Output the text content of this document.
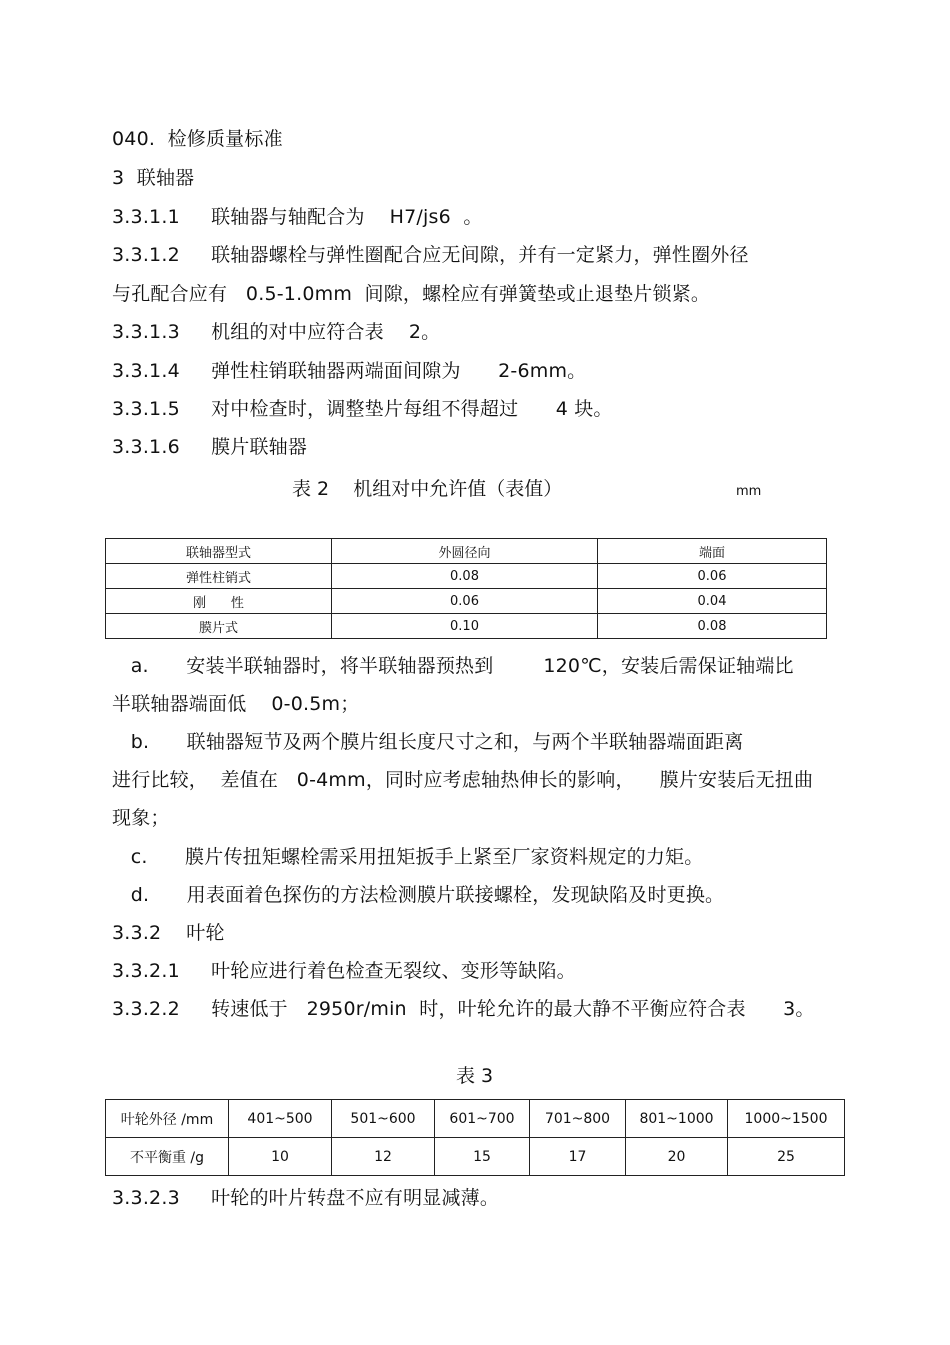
040.  检修质量标准

3  联轴器

3.3.1.1     联轴器与轴配合为    H7/js6  。

3.3.1.2     联轴器螺栓与弹性圈配合应无间隙，并有一定紧力，弹性圈外径

与孔配合应有   0.5-1.0mm  间隙，螺栓应有弹簧垫或止退垫片锁紧。

3.3.1.3     机组的对中应符合表    2。

3.3.1.4     弹性柱销联轴器两端面间隙为      2-6mm。

3.3.1.5     对中检查时，调整垫片每组不得超过      4 块。

3.3.1.6     膜片联轴器

表 2    机组对中允许值（表值）	mm

联轴器型式	外圆径向	端面
弹性柱销式	0.08	0.06
刚      性	0.06	0.04
膜片式	0.10	0.08

a.      安装半联轴器时，将半联轴器预热到        120℃，安装后需保证轴端比

半联轴器端面低    0-0.5m；

b.      联轴器短节及两个膜片组长度尺寸之和，与两个半联轴器端面距离

进行比较，  差值在   0-4mm，同时应考虑轴热伸长的影响，    膜片安装后无扭曲

现象；

c.      膜片传扭矩螺栓需采用扭矩扳手上紧至厂家资料规定的力矩。

d.      用表面着色探伤的方法检测膜片联接螺栓，发现缺陷及时更换。

3.3.2    叶轮

3.3.2.1     叶轮应进行着色检查无裂纹、变形等缺陷。

3.3.2.2     转速低于   2950r/min  时，叶轮允许的最大静不平衡应符合表      3。

表 3

叶轮外径 /mm	401~500	501~600	601~700	701~800	801~1000	1000~1500
不平衡重 /g	10	12	15	17	20	25

3.3.2.3     叶轮的叶片转盘不应有明显减薄。
